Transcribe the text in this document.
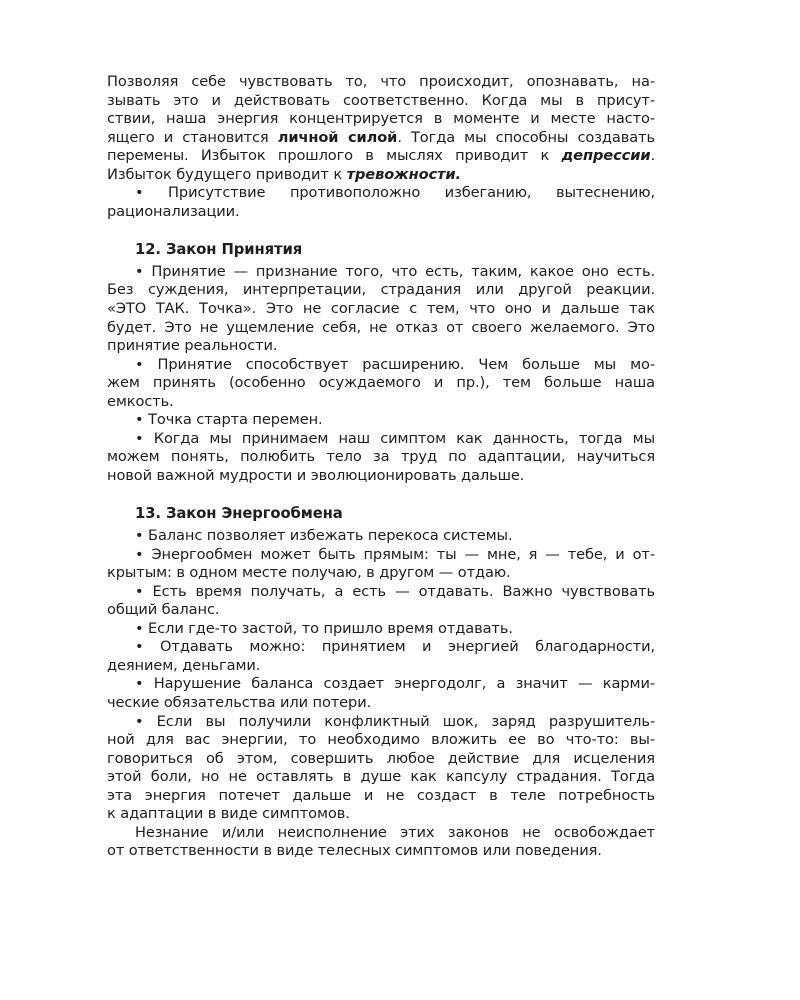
Позволяя себе чувствовать то, что происходит, опознавать, на-
зывать это и действовать соответственно. Когда мы в присут-
ствии, наша энергия концентрируется в моменте и месте насто-
ящего и становится личной силой. Тогда мы способны создавать
перемены. Избыток прошлого в мыслях приводит к депрессии.
Избыток будущего приводит к тревожности.
• Присутствие противоположно избеганию, вытеснению,
рационализации.
12. Закон Принятия
• Принятие — признание того, что есть, таким, какое оно есть.
Без суждения, интерпретации, страдания или другой реакции.
«ЭТО ТАК. Точка». Это не согласие с тем, что оно и дальше так
будет. Это не ущемление себя, не отказ от своего желаемого. Это
принятие реальности.
• Принятие способствует расширению. Чем больше мы мо-
жем принять (особенно осуждаемого и пр.), тем больше наша
емкость.
• Точка старта перемен.
• Когда мы принимаем наш симптом как данность, тогда мы
можем понять, полюбить тело за труд по адаптации, научиться
новой важной мудрости и эволюционировать дальше.
13. Закон Энергообмена
• Баланс позволяет избежать перекоса системы.
• Энергообмен может быть прямым: ты — мне, я — тебе, и от-
крытым: в одном месте получаю, в другом — отдаю.
• Есть время получать, а есть — отдавать. Важно чувствовать
общий баланс.
• Если где-то застой, то пришло время отдавать.
• Отдавать можно: принятием и энергией благодарности,
деянием, деньгами.
• Нарушение баланса создает энергодолг, а значит — карми-
ческие обязательства или потери.
• Если вы получили конфликтный шок, заряд разрушитель-
ной для вас энергии, то необходимо вложить ее во что-то: вы-
говориться об этом, совершить любое действие для исцеления
этой боли, но не оставлять в душе как капсулу страдания. Тогда
эта энергия потечет дальше и не создаст в теле потребность
к адаптации в виде симптомов.
Незнание и/или неисполнение этих законов не освобождает
от ответственности в виде телесных симптомов или поведения.
